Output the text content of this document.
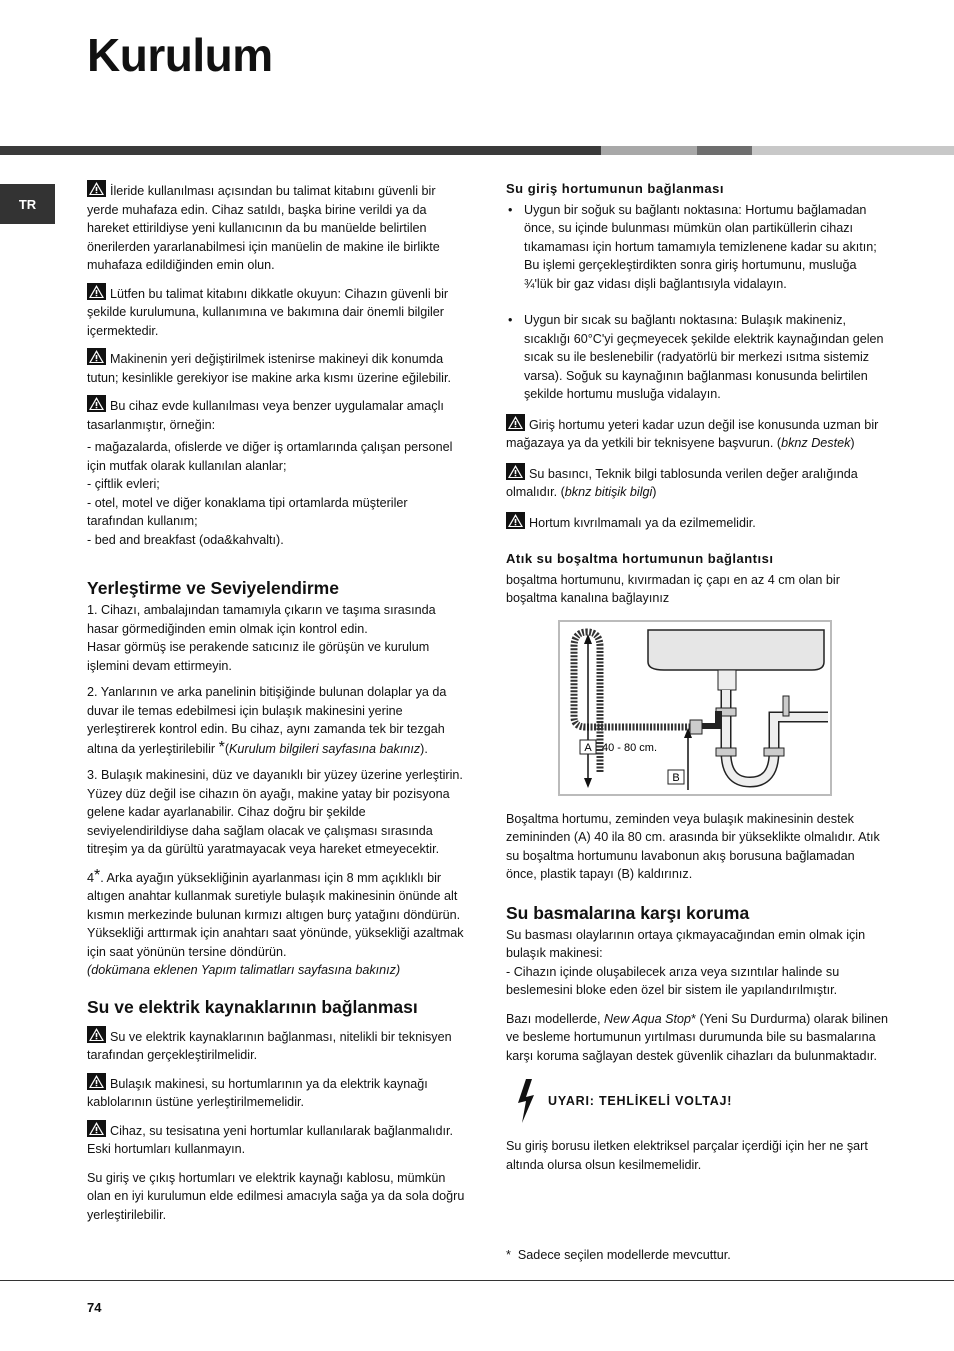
Kurulum
TR

İleride kullanılması açısından bu talimat kitabını güvenli bir yerde muhafaza edin. Cihaz satıldı, başka birine verildi ya da hareket ettirildiyse yeni kullanıcının da bu manüelde belirtilen önerilerden yararlanabilmesi için manüelin de makine ile birlikte muhafaza edildiğinden emin olun.

Lütfen bu talimat kitabını dikkatle okuyun: Cihazın güvenli bir şekilde kurulumuna, kullanımına ve bakımına dair önemli bilgiler içermektedir.

Makinenin yeri değiştirilmek istenirse makineyi dik konumda tutun; kesinlikle gerekiyor ise makine arka kısmı üzerine eğilebilir.

Bu cihaz evde kullanılması veya benzer uygulamalar amaçlı tasarlanmıştır, örneğin:

- mağazalarda, ofislerde ve diğer iş ortamlarında çalışan personel için mutfak olarak kullanılan alanlar;
- çiftlik evleri;
- otel, motel ve diğer konaklama tipi ortamlarda müşteriler tarafından kullanım;
- bed and breakfast (oda&kahvaltı).
Yerleştirme ve Seviyelendirme

1. Cihazı, ambalajından tamamıyla çıkarın ve taşıma sırasında hasar görmediğinden emin olmak için kontrol edin.

Hasar görmüş ise perakende satıcınız ile görüşün ve kurulum işlemini devam ettirmeyin.

2. Yanlarının ve arka panelinin bitişiğinde bulunan dolaplar ya da duvar ile temas edebilmesi için bulaşık makinesini yerine yerleştirerek kontrol edin. Bu cihaz, aynı zamanda tek bir tezgah altına da yerleştirilebilir *(Kurulum bilgileri sayfasına bakınız).

3. Bulaşık makinesini, düz ve dayanıklı bir yüzey üzerine yerleştirin. Yüzey düz değil ise cihazın ön ayağı, makine yatay bir pozisyona gelene kadar ayarlanabilir. Cihaz doğru bir şekilde seviyelendirildiyse daha sağlam olacak ve çalışması sırasında titreşim ya da gürültü yaratmayacak veya hareket etmeyecektir.

4*. Arka ayağın yüksekliğinin ayarlanması için 8 mm açıklıklı bir altıgen anahtar kullanmak suretiyle bulaşık makinesinin önünde alt kısmın merkezinde bulunan kırmızı altıgen burç yatağını döndürün. Yüksekliği arttırmak için anahtarı saat yönünde, yüksekliği azaltmak için saat yönünün tersine döndürün.

(dokümana eklenen Yapım talimatları sayfasına bakınız)

Su ve elektrik kaynaklarının bağlanması

Su ve elektrik kaynaklarının bağlanması, nitelikli bir teknisyen tarafından gerçekleştirilmelidir.

Bulaşık makinesi, su hortumlarının ya da elektrik kaynağı kablolarının üstüne yerleştirilmemelidir.

Cihaz, su tesisatına yeni hortumlar kullanılarak bağlanmalıdır.

Eski hortumları kullanmayın.

Su giriş ve çıkış hortumları ve elektrik kaynağı kablosu, mümkün olan en iyi kurulumun elde edilmesi amacıyla sağa ya da sola doğru yerleştirilebilir.

Su giriş hortumunun bağlanması
• Uygun bir soğuk su bağlantı noktasına: Hortumu bağlamadan önce, su içinde bulunması mümkün olan partiküllerin cihazı tıkamaması için hortum tamamıyla temizlenene kadar su akıtın; Bu işlemi gerçekleştirdikten sonra giriş hortumunu, musluğa ¾'lük bir gaz vidası dişli bağlantısıyla vidalayın.
• Uygun bir sıcak su bağlantı noktasına: Bulaşık makineniz, sıcaklığı 60°C'yi geçmeyecek şekilde elektrik kaynağından gelen sıcak su ile beslenebilir (radyatörlü bir merkezi ısıtma sistemiz varsa). Soğuk su kaynağının bağlanması konusunda belirtilen şekilde hortumu musluğa vidalayın.

Giriş hortumu yeteri kadar uzun değil ise konusunda uzman bir mağazaya ya da yetkili bir teknisyene başvurun. (bknz Destek)

Su basıncı, Teknik bilgi tablosunda verilen değer aralığında olmalıdır. (bknz bitişik bilgi)

Hortum kıvrılmamalı ya da ezilmemelidir.

Atık su boşaltma hortumunun bağlantısı

boşaltma hortumunu, kıvırmadan iç çapı en az 4 cm olan bir boşaltma kanalına bağlayınız

A 40 - 80 cm.
B

Boşaltma hortumu, zeminden veya bulaşık makinesinin destek zemininden (A) 40 ila 80 cm. arasında bir yükseklikte olmalıdır. Atık su boşaltma hortumunu lavabonun akış borusuna bağlamadan önce, plastik tapayı (B) kaldırınız.

Su basmalarına karşı koruma

Su basması olaylarının ortaya çıkmayacağından emin olmak için bulaşık makinesi:

- Cihazın içinde oluşabilecek arıza veya sızıntılar halinde su beslemesini bloke eden özel bir sistem ile yapılandırılmıştır.

Bazı modellerde, New Aqua Stop* (Yeni Su Durdurma) olarak bilinen ve besleme hortumunun yırtılması durumunda bile su basmalarına karşı koruma sağlayan destek güvenlik cihazları da bulunmaktadır.

UYARI: TEHLİKELİ VOLTAJ!

Su giriş borusu iletken elektriksel parçalar içerdiği için her ne şart altında olursa olsun kesilmemelidir.

* Sadece seçilen modellerde mevcuttur.
74
